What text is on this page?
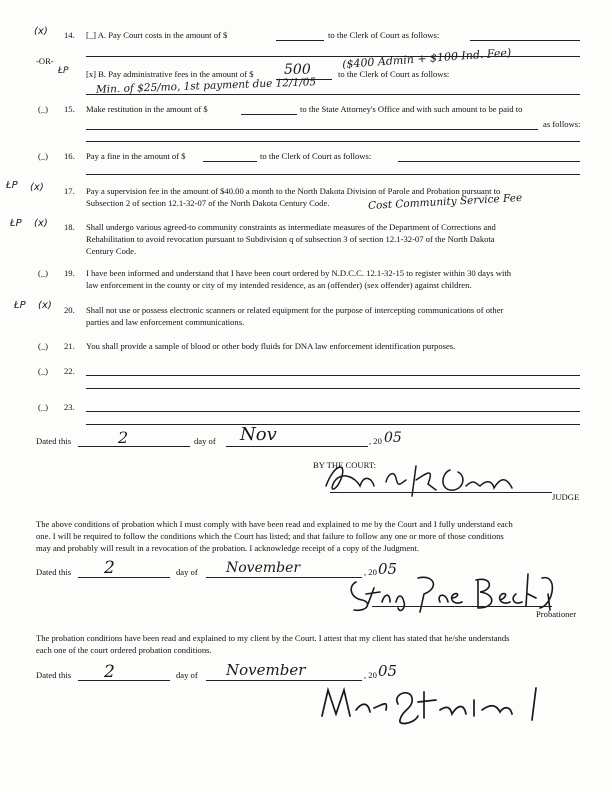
(x) 14. [_] A. Pay Court costs in the amount of $	to the Clerk of Court as follows:
-OR-
ŁP [x] B. Pay administrative fees in the amount of $ 500	to the Clerk of Court as follows:
($400 Admin + $100 Ind. Fee)
Min. of $25/mo, 1st payment due 12/1/05
(_) 15. Make restitution in the amount of $	to the State Attorney's Office and with such amount to be paid to
as follows:
(_) 16. Pay a fine in the amount of $	to the Clerk of Court as follows:
ŁP (x) 17. Pay a supervision fee in the amount of $40.00 a month to the North Dakota Division of Parole and Probation pursuant to
Subsection 2 of section 12.1-32-07 of the North Dakota Century Code.	Cost Community Service Fee
ŁP (x) 18. Shall undergo various agreed-to community constraints as intermediate measures of the Department of Corrections and
Rehabilitation to avoid revocation pursuant to Subdivision q of subsection 3 of section 12.1-32-07 of the North Dakota
Century Code.
(_) 19. I have been informed and understand that I have been court ordered by N.D.C.C. 12.1-32-15 to register within 30 days with
law enforcement in the county or city of my intended residence, as an (offender) (sex offender) against children.
ŁP (x) 20. Shall not use or possess electronic scanners or related equipment for the purpose of intercepting communications of other
parties and law enforcement communications.
(_) 21. You shall provide a sample of blood or other body fluids for DNA law enforcement identification purposes.
(_) 22.
(_) 23.
Dated this	2	day of Nov	, 20 05
BY THE COURT:
JUDGE
The above conditions of probation which I must comply with have been read and explained to me by the Court and I fully understand each
one. I will be required to follow the conditions which the Court has listed; and that failure to follow any one or more of those conditions
may and probably will result in a revocation of the probation. I acknowledge receipt of a copy of the Judgment.
Dated this 2	day of November	, 20 05
Probationer
The probation conditions have been read and explained to my client by the Court. I attest that my client has stated that he/she understands
each one of the court ordered probation conditions.
Dated this 2	day of November	, 20 05
